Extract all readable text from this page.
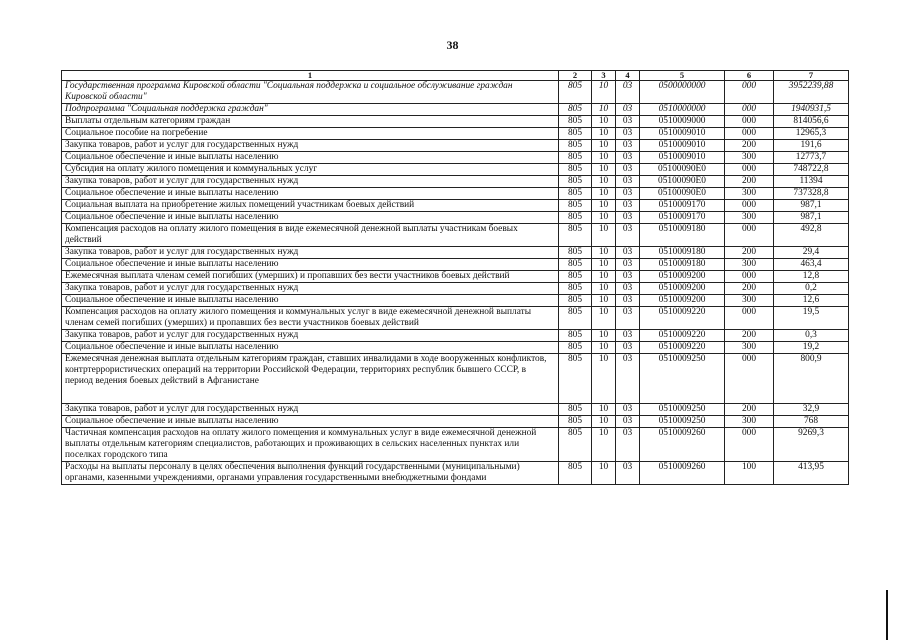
38
1	2	3	4	5	6	7
Государственная программа Кировской области "Социальная поддержка и социальное обслуживание граждан Кировской области"	805	10	03	0500000000	000	3952239,88
Подпрограмма "Социальная поддержка граждан"	805	10	03	0510000000	000	1940931,5
Выплаты отдельным категориям граждан	805	10	03	0510009000	000	814056,6
Социальное пособие на погребение	805	10	03	0510009010	000	12965,3
Закупка товаров, работ и услуг для государственных нужд	805	10	03	0510009010	200	191,6
Социальное обеспечение и иные выплаты населению	805	10	03	0510009010	300	12773,7
Субсидия на оплату жилого помещения и коммунальных услуг	805	10	03	05100090Е0	000	748722,8
Закупка товаров, работ и услуг для государственных нужд	805	10	03	05100090Е0	200	11394
Социальное обеспечение и иные выплаты населению	805	10	03	05100090Е0	300	737328,8
Социальная выплата на приобретение жилых помещений участникам боевых действий	805	10	03	0510009170	000	987,1
Социальное обеспечение и иные выплаты населению	805	10	03	0510009170	300	987,1
Компенсация расходов на оплату жилого помещения в виде ежемесячной денежной выплаты участникам боевых действий	805	10	03	0510009180	000	492,8
Закупка товаров, работ и услуг для государственных нужд	805	10	03	0510009180	200	29,4
Социальное обеспечение и иные выплаты населению	805	10	03	0510009180	300	463,4
Ежемесячная выплата членам семей погибших (умерших) и пропавших без вести участников боевых действий	805	10	03	0510009200	000	12,8
Закупка товаров, работ и услуг для государственных нужд	805	10	03	0510009200	200	0,2
Социальное обеспечение и иные выплаты населению	805	10	03	0510009200	300	12,6
Компенсация расходов на оплату жилого помещения и коммунальных услуг в виде ежемесячной денежной выплаты членам семей погибших (умерших) и пропавших без вести участников боевых действий	805	10	03	0510009220	000	19,5
Закупка товаров, работ и услуг для государственных нужд	805	10	03	0510009220	200	0,3
Социальное обеспечение и иные выплаты населению	805	10	03	0510009220	300	19,2
Ежемесячная денежная выплата отдельным категориям граждан, ставших инвалидами в ходе вооруженных конфликтов, контртеррористических операций на территории Российской Федерации, территориях республик бывшего СССР, в период ведения боевых действий в Афганистане	805	10	03	0510009250	000	800,9
Закупка товаров, работ и услуг для государственных нужд	805	10	03	0510009250	200	32,9
Социальное обеспечение и иные выплаты населению	805	10	03	0510009250	300	768
Частичная компенсация расходов на оплату жилого помещения и коммунальных услуг в виде ежемесячной денежной выплаты отдельным категориям специалистов, работающих и проживающих в сельских населенных пунктах или поселках городского типа	805	10	03	0510009260	000	9269,3
Расходы на выплаты персоналу в целях обеспечения выполнения функций государственными (муниципальными) органами, казенными учреждениями, органами управления государственными внебюджетными фондами	805	10	03	0510009260	100	413,95
